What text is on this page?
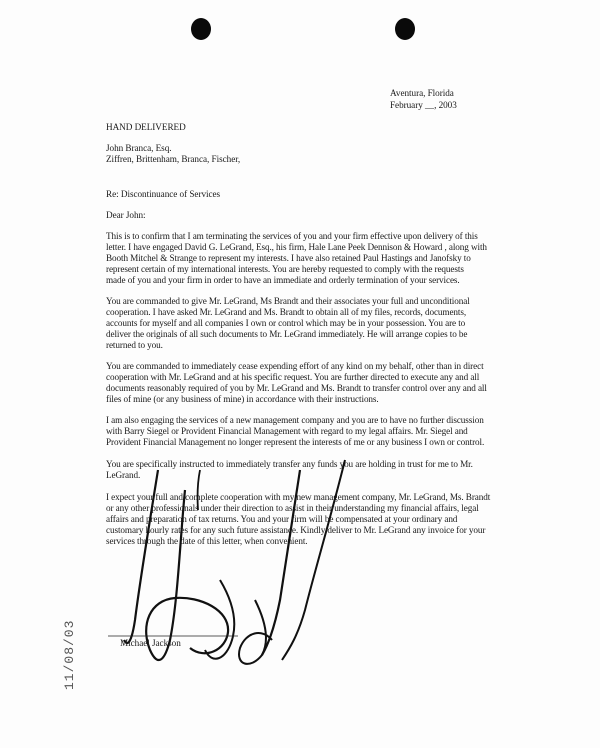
Aventura, Florida
February __, 2003
HAND DELIVERED
John Branca, Esq.
Ziffren, Brittenham, Branca, Fischer,
Re: Discontinuance of Services
Dear John:
This is to confirm that I am terminating the services of you and your firm effective upon delivery of this
letter. I have engaged David G. LeGrand, Esq., his firm, Hale Lane Peek Dennison & Howard , along with
Booth Mitchel & Strange to represent my interests. I have also retained Paul Hastings and Janofsky to
represent certain of my international interests. You are hereby requested to comply with the requests
made of you and your firm in order to have an immediate and orderly termination of your services.
You are commanded to give Mr. LeGrand, Ms Brandt and their associates your full and unconditional
cooperation. I have asked Mr. LeGrand and Ms. Brandt to obtain all of my files, records, documents,
accounts for myself and all companies I own or control which may be in your possession. You are to
deliver the originals of all such documents to Mr. LeGrand immediately. He will arrange copies to be
returned to you.
You are commanded to immediately cease expending effort of any kind on my behalf, other than in direct
cooperation with Mr. LeGrand and at his specific request. You are further directed to execute any and all
documents reasonably required of you by Mr. LeGrand and Ms. Brandt to transfer control over any and all
files of mine (or any business of mine) in accordance with their instructions.
I am also engaging the services of a new management company and you are to have no further discussion
with Barry Siegel or Provident Financial Management with regard to my legal affairs. Mr. Siegel and
Provident Financial Management no longer represent the interests of me or any business I own or control.
You are specifically instructed to immediately transfer any funds you are holding in trust for me to Mr.
LeGrand.
I expect your full and complete cooperation with my new management company, Mr. LeGrand, Ms. Brandt
or any other professionals under their direction to assist in their understanding my financial affairs, legal
affairs and preparation of tax returns. You and your firm will be compensated at your ordinary and
customary hourly rates for any such future assistance. Kindly deliver to Mr. LeGrand any invoice for your
services through the date of this letter, when convenient.
Michael Jackson
11/08/03
